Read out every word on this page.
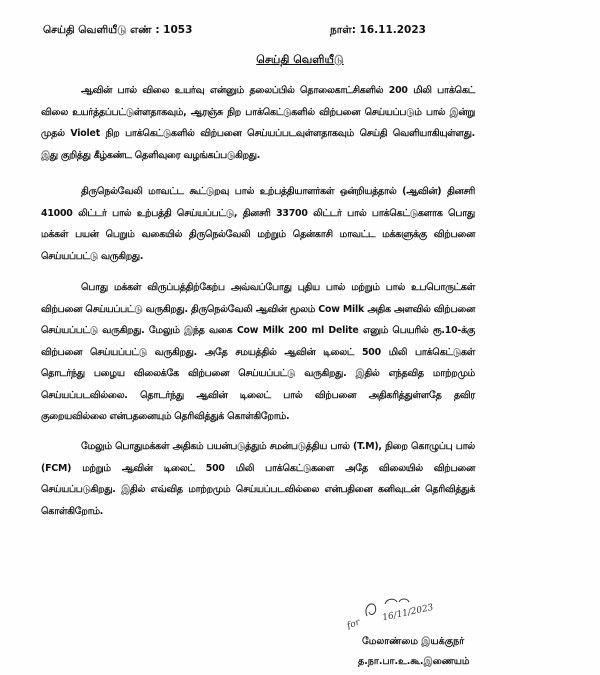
செய்தி வெளியீடு எண் : 1053	நாள்: 16.11.2023
செய்தி வெளியீடு

ஆவின் பால் விலை உயர்வு என்னும் தலைப்பில் தொலைகாட்சிகளில் 200 மிலி பாக்கெட் விலை உயர்த்தப்பட்டுள்ளதாகவும், ஆரஞ்சு நிற பாக்கெட்டுகளில் விற்பனை செய்யப்படும் பால் இன்று முதல் Violet நிற பாக்கெட்டுகளில் விற்பனை செய்யப்படவுள்ளதாகவும் செய்தி வெளியாகியுள்ளது. இது குறித்து கீழ்கண்ட தெளிவுரை வழங்கப்படுகிறது.

திருநெல்வேலி மாவட்ட கூட்டுறவு பால் உற்பத்தியாளர்கள் ஒன்றியத்தால் (ஆவின்) தினசரி 41000 லிட்டர் பால் உற்பத்தி செய்யப்பட்டு, தினசரி 33700 லிட்டர் பால் பாக்கெட்டுகளாக பொது மக்கள் பயன் பெறும் வகையில் திருநெல்வேலி மற்றும் தென்காசி மாவட்ட மக்களுக்கு விற்பனை செய்யப்பட்டு வருகிறது.

பொது மக்கள் விருப்பத்திற்கேற்ப அவ்வப்போது புதிய பால் மற்றும் பால் உபபொருட்கள் விற்பனை செய்யப்பட்டு வருகிறது. திருநெல்வேலி ஆவின் மூலம் Cow Milk அதிக அளவில் விற்பனை செய்யப்பட்டு வருகிறது. மேலும் இந்த வகை Cow Milk 200 ml Delite எனும் பெயரில் ரூ.10-க்கு விற்பனை செய்யப்பட்டு வருகிறது. அதே சமயத்தில் ஆவின் டிலைட் 500 மிலி பாக்கெட்டுகள் தொடர்ந்து பழைய விலைக்கே விற்பனை செய்யப்பட்டு வருகிறது. இதில் எந்தவித மாற்றமும் செய்யப்படவில்லை. தொடர்ந்து ஆவின் டிலைட் பால் விற்பனை அதிகரித்துள்ளதே தவிர குறையவில்லை என்பதனையும் தெரிவித்துக் கொள்கிறோம்.

மேலும் பொதுமக்கள் அதிகம் பயன்படுத்தும் சமன்படுத்திய பால் (T.M), நிறை கொழுப்பு பால் (FCM) மற்றும் ஆவின் டிலைட் 500 மிலி பாக்கெட்டுகளை அதே விலையில் விற்பனை செய்யப்படுகிறது. இதில் எவ்வித மாற்றமும் செய்யப்படவில்லை என்பதினை கனிவுடன் தெரிவித்துக் கொள்கிறோம்.

for
16/11/2023
மேலாண்மை இயக்குநர்
த.நா.பா.உ.கூ.இணையம்
